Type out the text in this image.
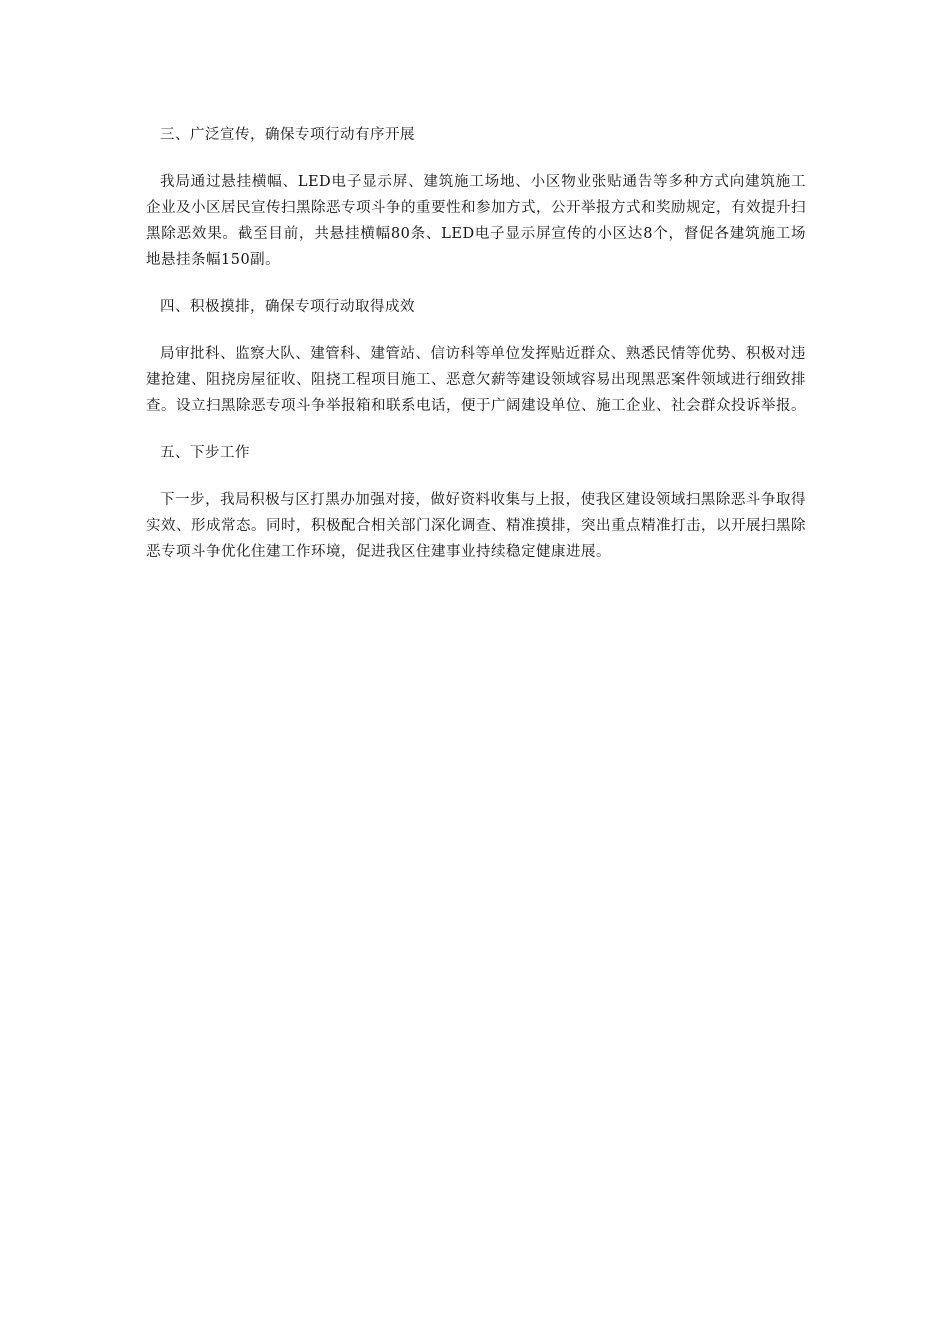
三、广泛宣传，确保专项行动有序开展

我局通过悬挂横幅、LED电子显示屏、建筑施工场地、小区物业张贴通告等多种方式向建筑施工企业及小区居民宣传扫黑除恶专项斗争的重要性和参加方式，公开举报方式和奖励规定，有效提升扫黑除恶效果。截至目前，共悬挂横幅80条、LED电子显示屏宣传的小区达8个，督促各建筑施工场地悬挂条幅150副。

四、积极摸排，确保专项行动取得成效

局审批科、监察大队、建管科、建管站、信访科等单位发挥贴近群众、熟悉民情等优势、积极对违建抢建、阻挠房屋征收、阻挠工程项目施工、恶意欠薪等建设领域容易出现黑恶案件领域进行细致排查。设立扫黑除恶专项斗争举报箱和联系电话，便于广阔建设单位、施工企业、社会群众投诉举报。

五、下步工作

下一步，我局积极与区打黑办加强对接，做好资料收集与上报，使我区建设领域扫黑除恶斗争取得实效、形成常态。同时，积极配合相关部门深化调查、精准摸排，突出重点精准打击，以开展扫黑除恶专项斗争优化住建工作环境，促进我区住建事业持续稳定健康进展。
